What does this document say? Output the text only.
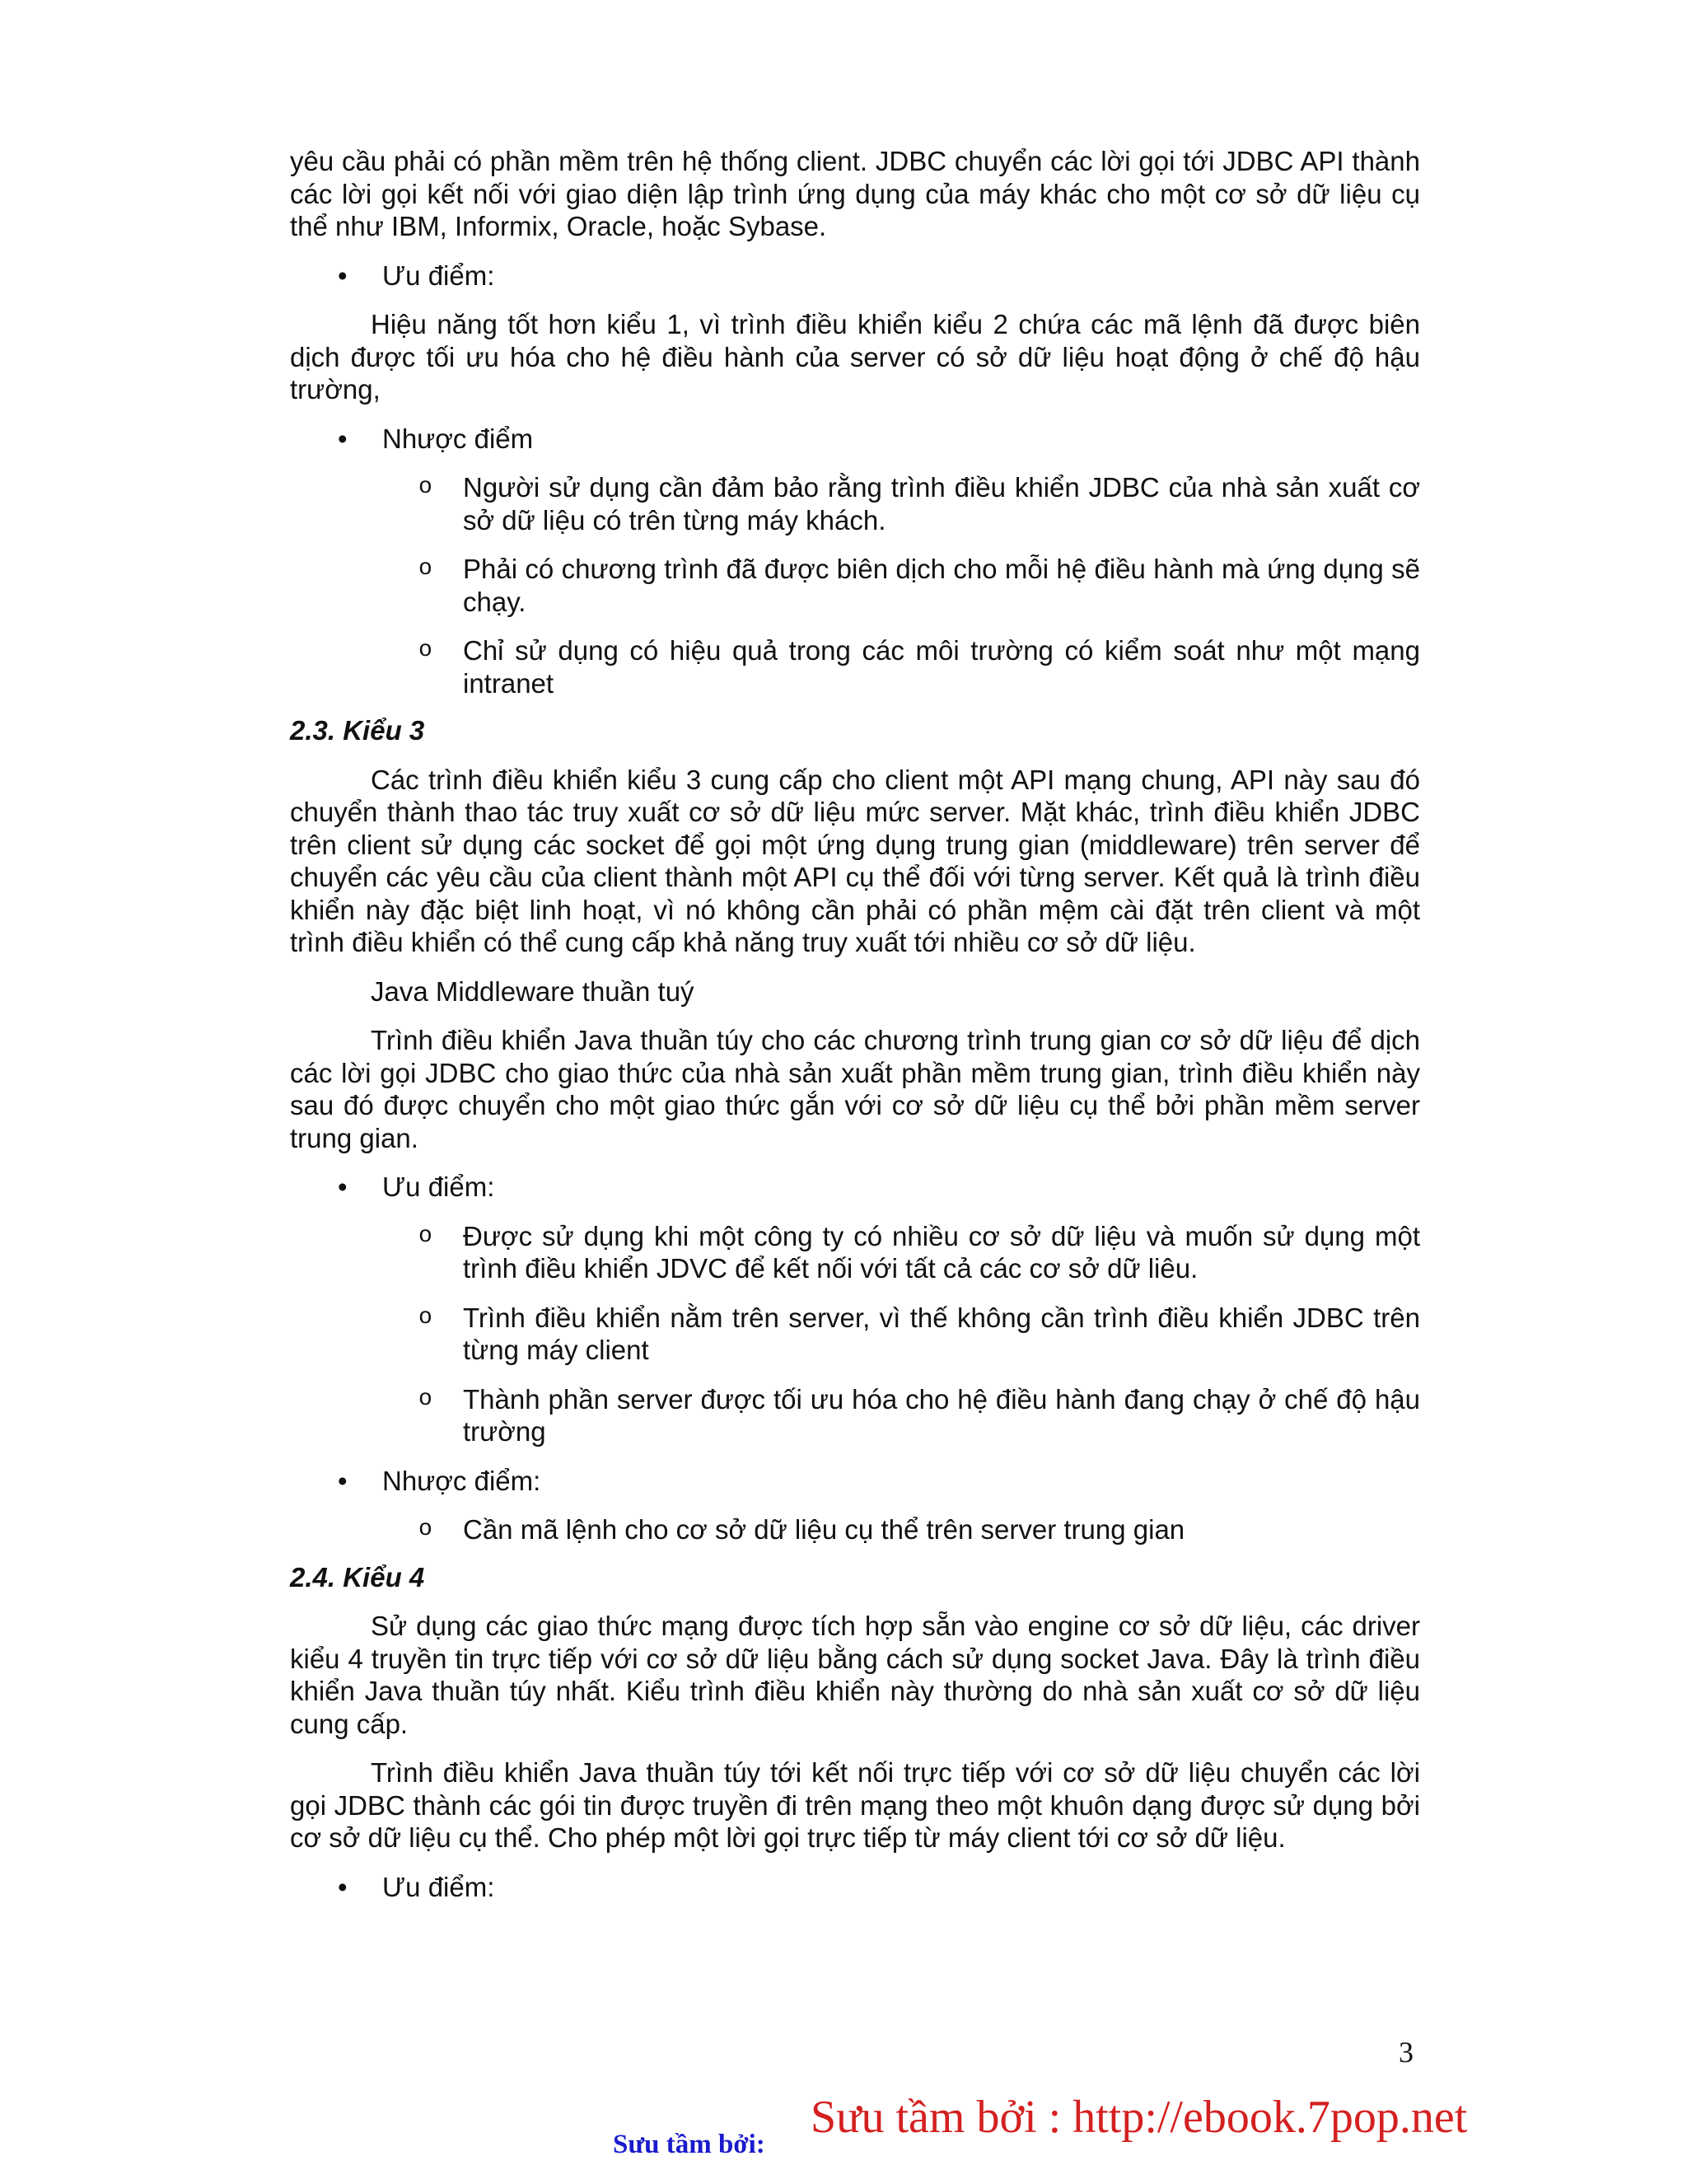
yêu cầu phải có phần mềm trên hệ thống client. JDBC chuyển các lời gọi tới JDBC API thành các lời gọi kết nối với giao diện lập trình ứng dụng của máy khác cho một cơ sở dữ liệu cụ thể như IBM, Informix, Oracle, hoặc Sybase.

• Ưu điểm:

Hiệu năng tốt hơn kiểu 1, vì trình điều khiển kiểu 2 chứa các mã lệnh đã được biên dịch được tối ưu hóa cho hệ điều hành của server có sở dữ liệu hoạt động ở chế độ hậu trường,

• Nhược điểm

o Người sử dụng cần đảm bảo rằng trình điều khiển JDBC của nhà sản xuất cơ sở dữ liệu có trên từng máy khách.

o Phải có chương trình đã được biên dịch cho mỗi hệ điều hành mà ứng dụng sẽ chạy.

o Chỉ sử dụng có hiệu quả trong các môi trường có kiểm soát như một mạng intranet

2.3. Kiểu 3

Các trình điều khiển kiểu 3 cung cấp cho client một API mạng chung, API này sau đó chuyển thành thao tác truy xuất cơ sở dữ liệu mức server. Mặt khác, trình điều khiển JDBC trên client sử dụng các socket để gọi một ứng dụng trung gian (middleware) trên server để chuyển các yêu cầu của client thành một API cụ thể đối với từng server. Kết quả là trình điều khiển này đặc biệt linh hoạt, vì nó không cần phải có phần mệm cài đặt trên client và một trình điều khiển có thể cung cấp khả năng truy xuất tới nhiều cơ sở dữ liệu.

Java Middleware thuần tuý

Trình điều khiển Java thuần túy cho các chương trình trung gian cơ sở dữ liệu để dịch các lời gọi JDBC cho giao thức của nhà sản xuất phần mềm trung gian, trình điều khiển này sau đó được chuyển cho một giao thức gắn với cơ sở dữ liệu cụ thể bởi phần mềm server trung gian.

• Ưu điểm:

o Được sử dụng khi một công ty có nhiều cơ sở dữ liệu và muốn sử dụng một trình điều khiển JDVC để kết nối với tất cả các cơ sở dữ liêu.

o Trình điều khiển nằm trên server, vì thế không cần trình điều khiển JDBC trên từng máy client

o Thành phần server được tối ưu hóa cho hệ điều hành đang chạy ở chế độ hậu trường

• Nhược điểm:

o Cần mã lệnh cho cơ sở dữ liệu cụ thể trên server trung gian

2.4. Kiểu 4

Sử dụng các giao thức mạng được tích hợp sẵn vào engine cơ sở dữ liệu, các driver kiểu 4 truyền tin trực tiếp với cơ sở dữ liệu bằng cách sử dụng socket Java. Đây là trình điều khiển Java thuần túy nhất. Kiểu trình điều khiển này thường do nhà sản xuất cơ sở dữ liệu cung cấp.

Trình điều khiển Java thuần túy tới kết nối trực tiếp với cơ sở dữ liệu chuyển các lời gọi JDBC thành các gói tin được truyền đi trên mạng theo một khuôn dạng được sử dụng bởi cơ sở dữ liệu cụ thể. Cho phép một lời gọi trực tiếp từ máy client tới cơ sở dữ liệu.

• Ưu điểm:

3
Sưu tầm bởi:
Sưu tầm bởi : http://ebook.7pop.net
